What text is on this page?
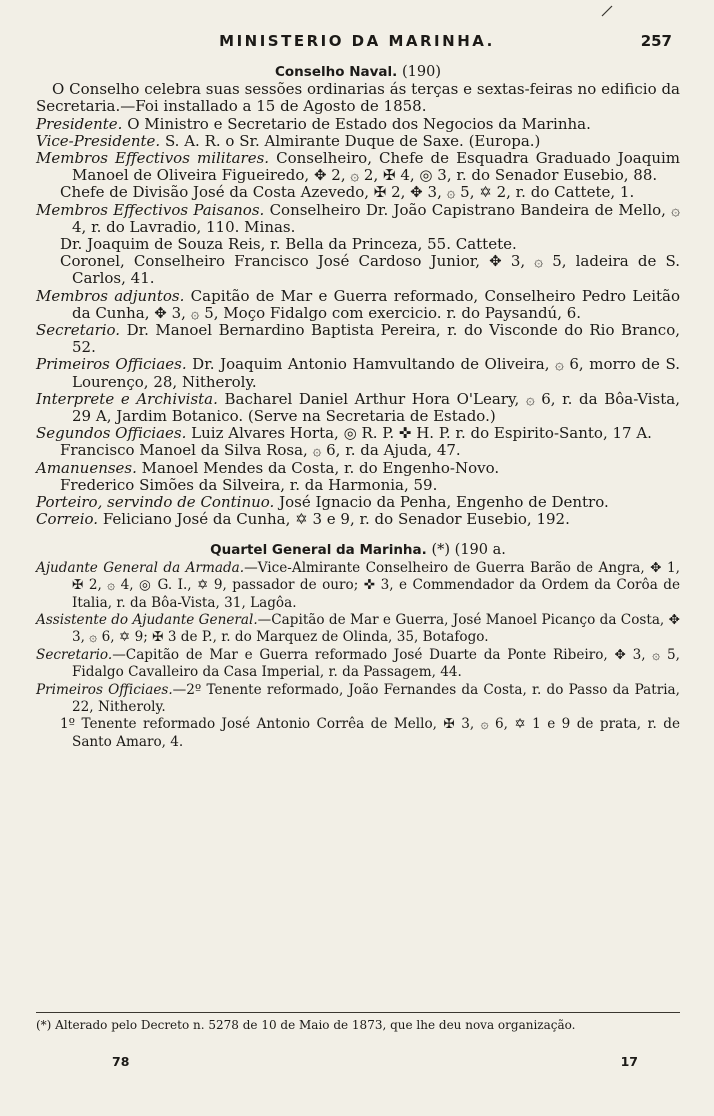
MINISTERIO DA MARINHA.	257
Conselho Naval. (190)

O Conselho celebra suas sessões ordinarias ás terças e sextas-feiras no edificio da Secretaria.—Foi installado a 15 de Agosto de 1858.

Presidente. O Ministro e Secretario de Estado dos Negocios da Marinha.

Vice-Presidente. S. A. R. o Sr. Almirante Duque de Saxe. (Europa.)

Membros Effectivos militares. Conselheiro, Chefe de Esquadra Graduado Joaquim Manoel de Oliveira Figueiredo, ✥ 2, ۞ 2, ✠ 4, ◎ 3, r. do Senador Eusebio, 88.

Chefe de Divisão José da Costa Azevedo, ✠ 2, ✥ 3, ۞ 5, ✡ 2, r. do Cattete, 1.

Membros Effectivos Paisanos. Conselheiro Dr. João Capistrano Bandeira de Mello, ۞ 4, r. do Lavradio, 110. Minas.

Dr. Joaquim de Souza Reis, r. Bella da Princeza, 55. Cattete.

Coronel, Conselheiro Francisco José Cardoso Junior, ✥ 3, ۞ 5, ladeira de S. Carlos, 41.

Membros adjuntos. Capitão de Mar e Guerra reformado, Conselheiro Pedro Leitão da Cunha, ✥ 3, ۞ 5, Moço Fidalgo com exercicio. r. do Paysandú, 6.

Secretario. Dr. Manoel Bernardino Baptista Pereira, r. do Visconde do Rio Branco, 52.

Primeiros Officiaes. Dr. Joaquim Antonio Hamvultando de Oliveira, ۞ 6, morro de S. Lourenço, 28, Nitheroly.

Interprete e Archivista. Bacharel Daniel Arthur Hora O'Leary, ۞ 6, r. da Bôa-Vista, 29 A, Jardim Botanico. (Serve na Secretaria de Estado.)

Segundos Officiaes. Luiz Alvares Horta, ◎ R. P. ✜ H. P. r. do Espirito-Santo, 17 A.

Francisco Manoel da Silva Rosa, ۞ 6, r. da Ajuda, 47.

Amanuenses. Manoel Mendes da Costa, r. do Engenho-Novo.

Frederico Simões da Silveira, r. da Harmonia, 59.

Porteiro, servindo de Continuo. José Ignacio da Penha, Engenho de Dentro.

Correio. Feliciano José da Cunha, ✡ 3 e 9, r. do Senador Eusebio, 192.

Quartel General da Marinha. (*) (190 a.

Ajudante General da Armada.—Vice-Almirante Conselheiro de Guerra Barão de Angra, ✥ 1, ✠ 2, ۞ 4, ◎ G. I., ✡ 9, passador de ouro; ✜ 3, e Commendador da Ordem da Corôa de Italia, r. da Bôa-Vista, 31, Lagôa.

Assistente do Ajudante General.—Capitão de Mar e Guerra, José Manoel Picanço da Costa, ✥ 3, ۞ 6, ✡ 9; ✠ 3 de P., r. do Marquez de Olinda, 35, Botafogo.

Secretario.—Capitão de Mar e Guerra reformado José Duarte da Ponte Ribeiro, ✥ 3, ۞ 5, Fidalgo Cavalleiro da Casa Imperial, r. da Passagem, 44.

Primeiros Officiaes.—2º Tenente reformado, João Fernandes da Costa, r. do Passo da Patria, 22, Nitheroly.

1º Tenente reformado José Antonio Corrêa de Mello, ✠ 3, ۞ 6, ✡ 1 e 9 de prata, r. de Santo Amaro, 4.

(*) Alterado pelo Decreto n. 5278 de 10 de Maio de 1873, que lhe deu nova organização.
78	17
